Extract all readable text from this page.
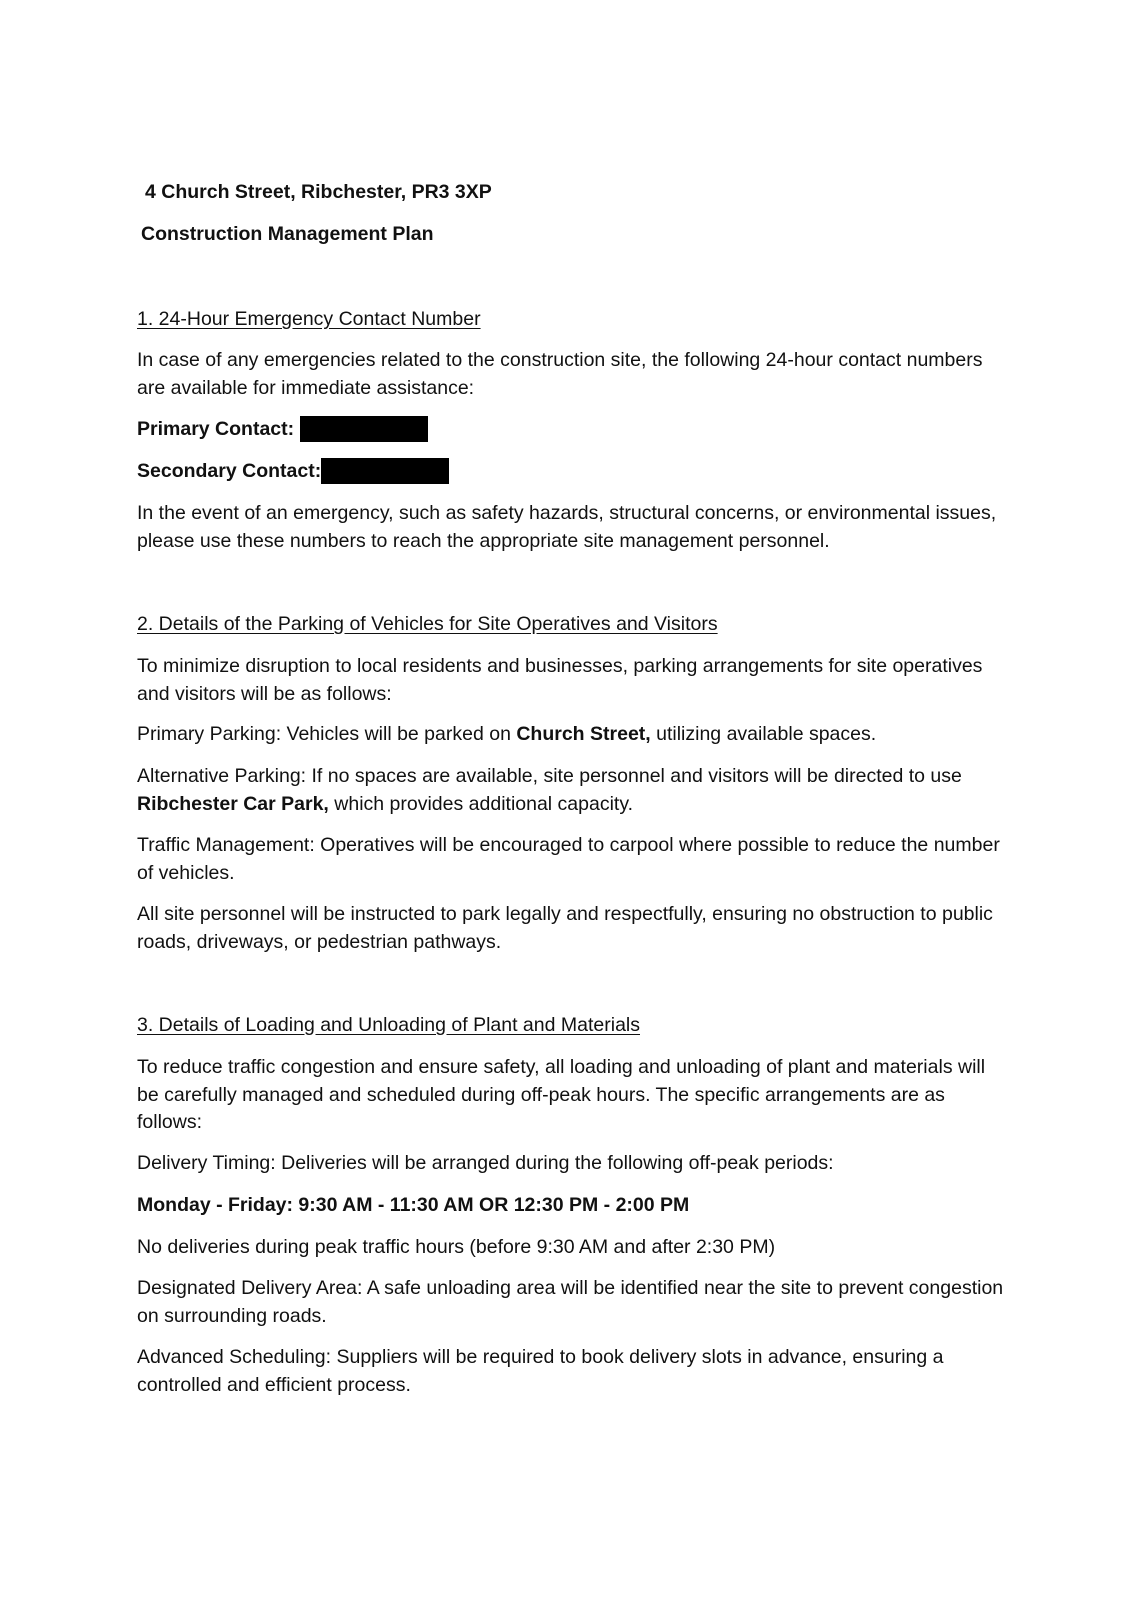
4 Church Street, Ribchester, PR3 3XP

Construction Management Plan

1. 24-Hour Emergency Contact Number

In case of any emergencies related to the construction site, the following 24-hour contact numbers are available for immediate assistance:

Primary Contact:

Secondary Contact:

In the event of an emergency, such as safety hazards, structural concerns, or environmental issues, please use these numbers to reach the appropriate site management personnel.

2. Details of the Parking of Vehicles for Site Operatives and Visitors

To minimize disruption to local residents and businesses, parking arrangements for site operatives and visitors will be as follows:

Primary Parking: Vehicles will be parked on Church Street, utilizing available spaces.

Alternative Parking: If no spaces are available, site personnel and visitors will be directed to use Ribchester Car Park, which provides additional capacity.

Traffic Management: Operatives will be encouraged to carpool where possible to reduce the number of vehicles.

All site personnel will be instructed to park legally and respectfully, ensuring no obstruction to public roads, driveways, or pedestrian pathways.

3. Details of Loading and Unloading of Plant and Materials

To reduce traffic congestion and ensure safety, all loading and unloading of plant and materials will be carefully managed and scheduled during off-peak hours. The specific arrangements are as follows:

Delivery Timing: Deliveries will be arranged during the following off-peak periods:

Monday - Friday: 9:30 AM - 11:30 AM OR 12:30 PM - 2:00 PM

No deliveries during peak traffic hours (before 9:30 AM and after 2:30 PM)

Designated Delivery Area: A safe unloading area will be identified near the site to prevent congestion on surrounding roads.

Advanced Scheduling: Suppliers will be required to book delivery slots in advance, ensuring a controlled and efficient process.
